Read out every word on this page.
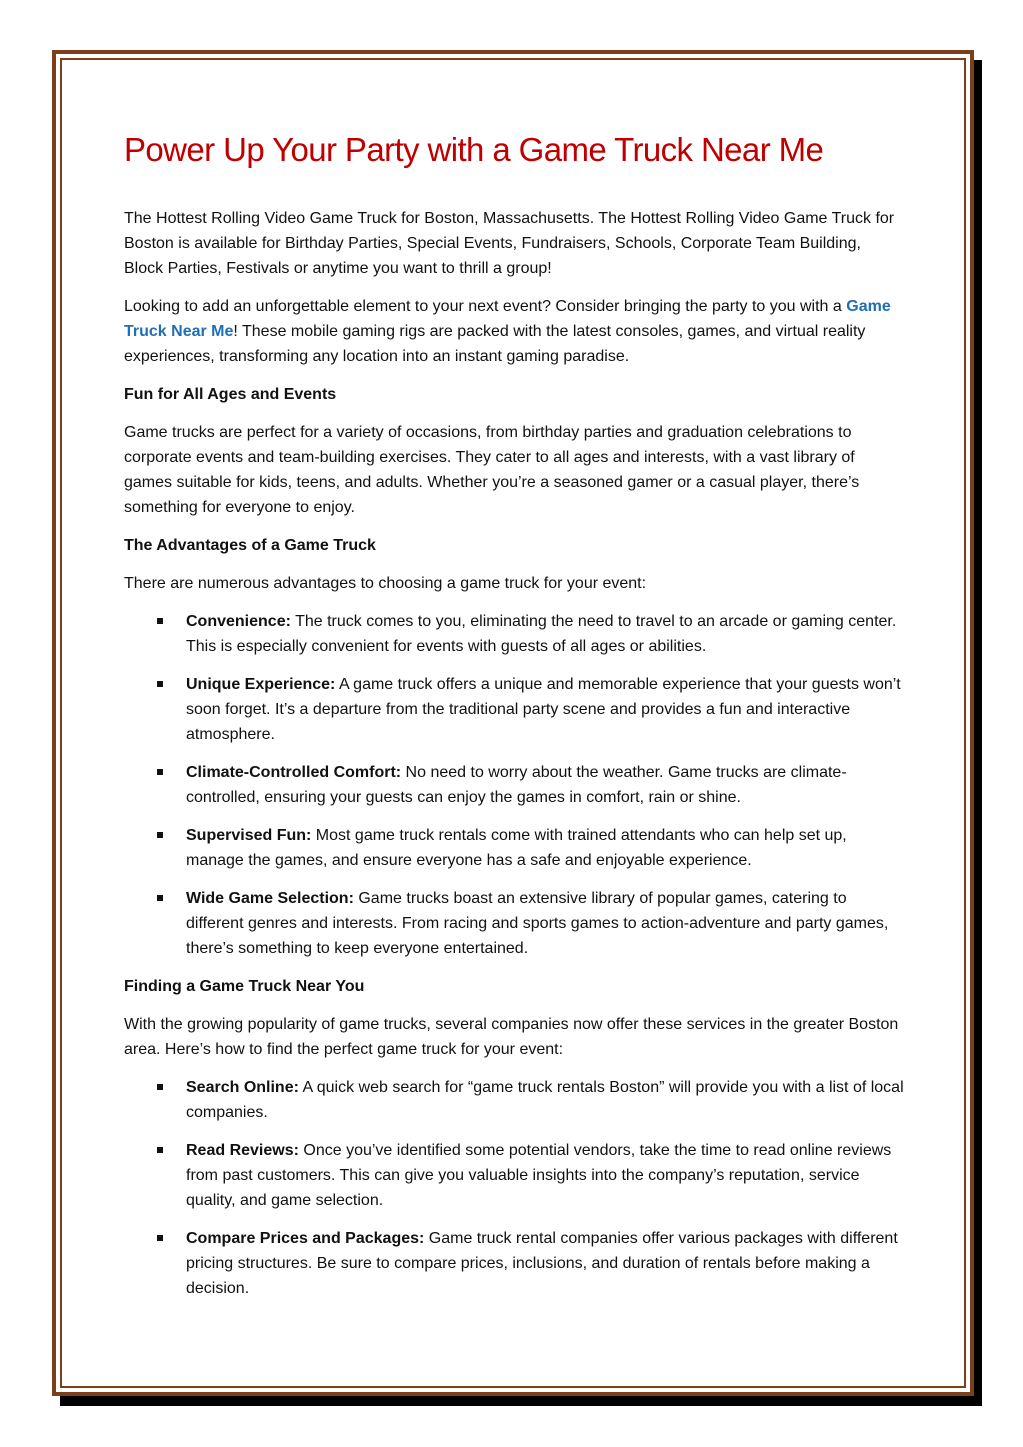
Power Up Your Party with a Game Truck Near Me

The Hottest Rolling Video Game Truck for Boston, Massachusetts. The Hottest Rolling Video Game Truck for Boston is available for Birthday Parties, Special Events, Fundraisers, Schools, Corporate Team Building, Block Parties, Festivals or anytime you want to thrill a group!

Looking to add an unforgettable element to your next event? Consider bringing the party to you with a Game Truck Near Me! These mobile gaming rigs are packed with the latest consoles, games, and virtual reality experiences, transforming any location into an instant gaming paradise.

Fun for All Ages and Events

Game trucks are perfect for a variety of occasions, from birthday parties and graduation celebrations to corporate events and team-building exercises. They cater to all ages and interests, with a vast library of games suitable for kids, teens, and adults. Whether you’re a seasoned gamer or a casual player, there’s something for everyone to enjoy.

The Advantages of a Game Truck

There are numerous advantages to choosing a game truck for your event:

Convenience: The truck comes to you, eliminating the need to travel to an arcade or gaming center. This is especially convenient for events with guests of all ages or abilities.
Unique Experience: A game truck offers a unique and memorable experience that your guests won’t soon forget. It’s a departure from the traditional party scene and provides a fun and interactive atmosphere.
Climate-Controlled Comfort: No need to worry about the weather. Game trucks are climate-controlled, ensuring your guests can enjoy the games in comfort, rain or shine.
Supervised Fun: Most game truck rentals come with trained attendants who can help set up, manage the games, and ensure everyone has a safe and enjoyable experience.
Wide Game Selection: Game trucks boast an extensive library of popular games, catering to different genres and interests. From racing and sports games to action-adventure and party games, there’s something to keep everyone entertained.
Finding a Game Truck Near You

With the growing popularity of game trucks, several companies now offer these services in the greater Boston area. Here’s how to find the perfect game truck for your event:

Search Online: A quick web search for “game truck rentals Boston” will provide you with a list of local companies.
Read Reviews: Once you’ve identified some potential vendors, take the time to read online reviews from past customers. This can give you valuable insights into the company’s reputation, service quality, and game selection.
Compare Prices and Packages: Game truck rental companies offer various packages with different pricing structures. Be sure to compare prices, inclusions, and duration of rentals before making a decision.
